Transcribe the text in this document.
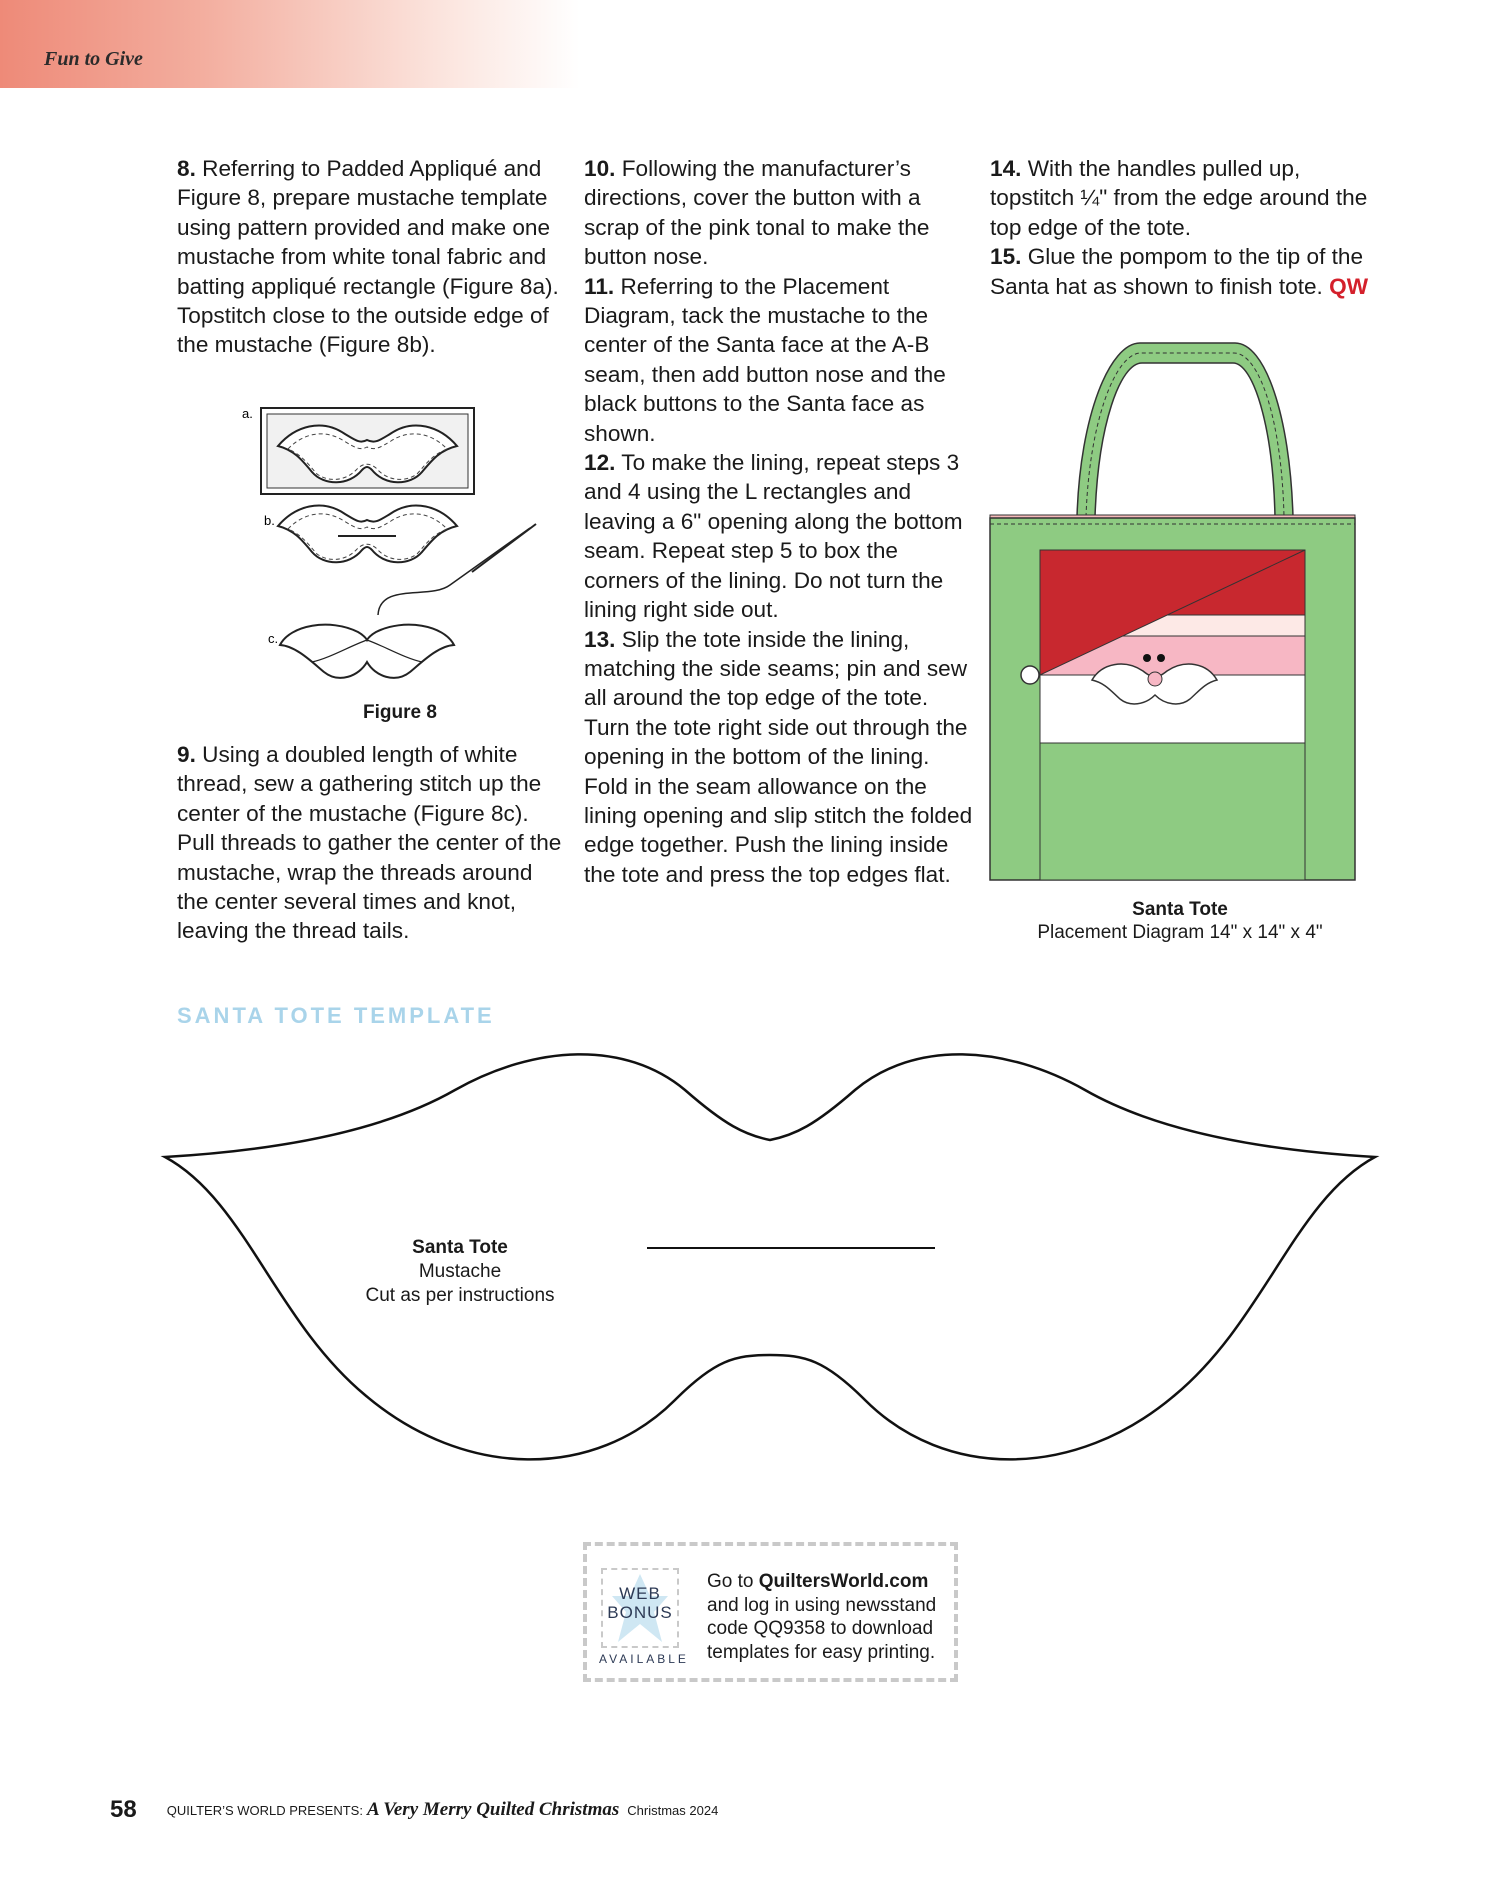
Fun to Give

8. Referring to Padded Appliqué and Figure 8, prepare mustache template using pattern provided and make one mustache from white tonal fabric and batting appliqué rectangle (Figure 8a). Topstitch close to the outside edge of the mustache (Figure 8b).

a.
b.
c.
Figure 8

9. Using a doubled length of white thread, sew a gathering stitch up the center of the mustache (Figure 8c). Pull threads to gather the center of the mustache, wrap the threads around the center several times and knot, leaving the thread tails.

10. Following the manufacturer’s directions, cover the button with a scrap of the pink tonal to make the button nose.

11. Referring to the Placement Diagram, tack the mustache to the center of the Santa face at the A-B seam, then add button nose and the black buttons to the Santa face as shown.

12. To make the lining, repeat steps 3 and 4 using the L rectangles and leaving a 6" opening along the bottom seam. Repeat step 5 to box the corners of the lining. Do not turn the lining right side out.

13. Slip the tote inside the lining, matching the side seams; pin and sew all around the top edge of the tote. Turn the tote right side out through the opening in the bottom of the lining. Fold in the seam allowance on the lining opening and slip stitch the folded edge together. Push the lining inside the tote and press the top edges flat.

14. With the handles pulled up, topstitch ¼" from the edge around the top edge of the tote.

15. Glue the pompom to the tip of the Santa hat as shown to finish tote. QW

Santa Tote
Placement Diagram 14" x 14" x 4"
SANTA TOTE TEMPLATE
Santa Tote
Mustache
Cut as per instructions
WEB
BONUS
AVAILABLE
Go to QuiltersWorld.com and log in using newsstand code QQ9358 to download templates for easy printing.
58 QUILTER’S WORLD PRESENTS: A Very Merry Quilted Christmas Christmas 2024
